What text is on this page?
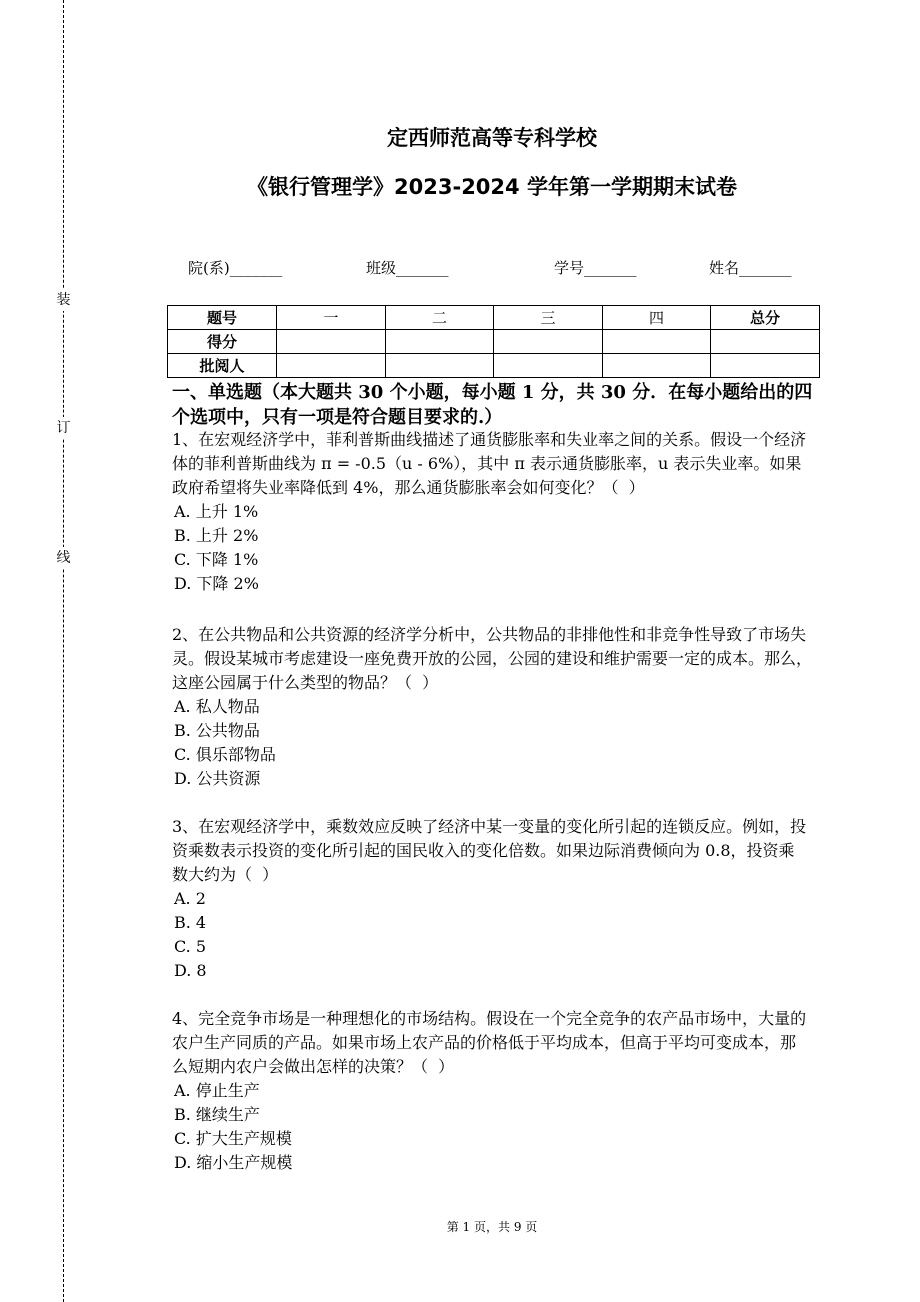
装
订
线
定西师范高等专科学校
《银行管理学》2023-2024 学年第一学期期末试卷
院(系)_______	班级_______	学号_______	姓名_______
题号	一	二	三	四	总分
得分					
批阅人					
一、单选题（本大题共 30 个小题，每小题 1 分，共 30 分．在每小题给出的四
个选项中，只有一项是符合题目要求的.）
1、在宏观经济学中，菲利普斯曲线描述了通货膨胀率和失业率之间的关系。假设一个经济
体的菲利普斯曲线为 π = -0.5（u - 6%），其中 π 表示通货膨胀率，u 表示失业率。如果
政府希望将失业率降低到 4%，那么通货膨胀率会如何变化？（  ）
A. 上升 1%
B. 上升 2%
C. 下降 1%
D. 下降 2%
2、在公共物品和公共资源的经济学分析中，公共物品的非排他性和非竞争性导致了市场失
灵。假设某城市考虑建设一座免费开放的公园，公园的建设和维护需要一定的成本。那么，
这座公园属于什么类型的物品？（  ）
A. 私人物品
B. 公共物品
C. 俱乐部物品
D. 公共资源
3、在宏观经济学中，乘数效应反映了经济中某一变量的变化所引起的连锁反应。例如，投
资乘数表示投资的变化所引起的国民收入的变化倍数。如果边际消费倾向为 0.8，投资乘
数大约为（  ）
A. 2
B. 4
C. 5
D. 8
4、完全竞争市场是一种理想化的市场结构。假设在一个完全竞争的农产品市场中，大量的
农户生产同质的产品。如果市场上农产品的价格低于平均成本，但高于平均可变成本，那
么短期内农户会做出怎样的决策？（  ）
A. 停止生产
B. 继续生产
C. 扩大生产规模
D. 缩小生产规模
第 1 页，共 9 页
